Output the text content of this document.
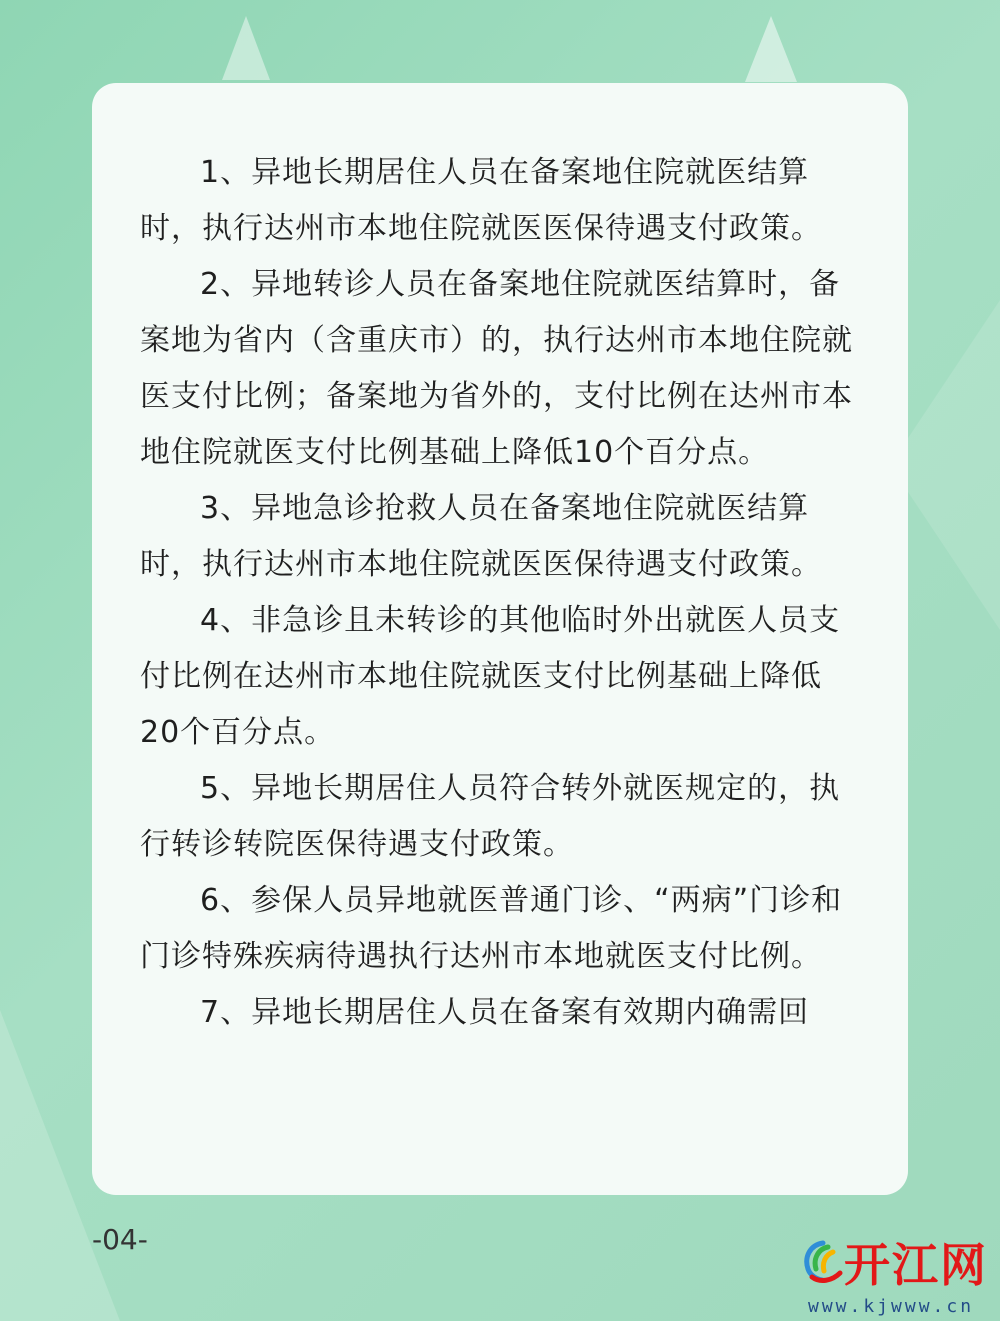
1、异地长期居住人员在备案地住院就医结算时，执行达州市本地住院就医医保待遇支付政策。

2、异地转诊人员在备案地住院就医结算时，备案地为省内（含重庆市）的，执行达州市本地住院就医支付比例；备案地为省外的，支付比例在达州市本地住院就医支付比例基础上降低10个百分点。

3、异地急诊抢救人员在备案地住院就医结算时，执行达州市本地住院就医医保待遇支付政策。

4、非急诊且未转诊的其他临时外出就医人员支付比例在达州市本地住院就医支付比例基础上降低20个百分点。

5、异地长期居住人员符合转外就医规定的，执行转诊转院医保待遇支付政策。

6、参保人员异地就医普通门诊、“两病”门诊和门诊特殊疾病待遇执行达州市本地就医支付比例。

7、异地长期居住人员在备案有效期内确需回

-04-	开江网
www.kjwww.cn
